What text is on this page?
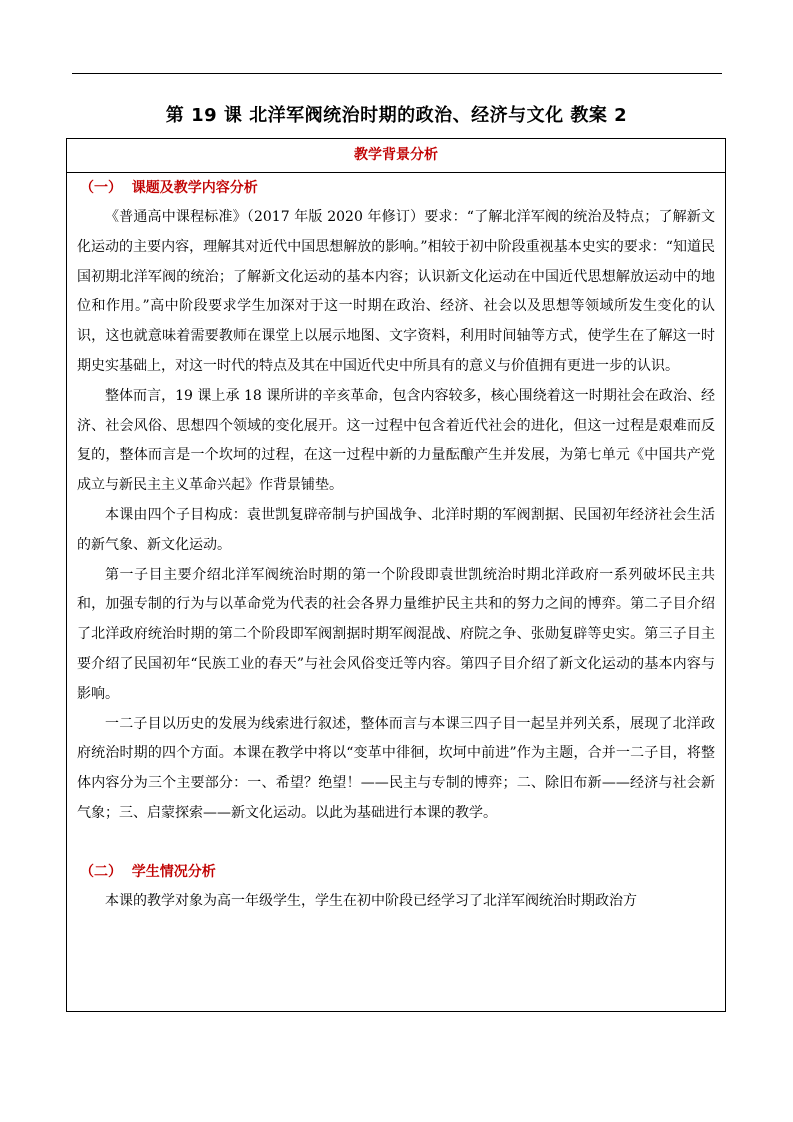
第 19 课 北洋军阀统治时期的政治、经济与文化 教案 2
教学背景分析
（一）  课题及教学内容分析

《普通高中课程标准》（2017 年版 2020 年修订）要求：“了解北洋军阀的统治及特点；了解新文化运动的主要内容，理解其对近代中国思想解放的影响。”相较于初中阶段重视基本史实的要求：“知道民国初期北洋军阀的统治；了解新文化运动的基本内容；认识新文化运动在中国近代思想解放运动中的地位和作用。”高中阶段要求学生加深对于这一时期在政治、经济、社会以及思想等领域所发生变化的认识，这也就意味着需要教师在课堂上以展示地图、文字资料，利用时间轴等方式，使学生在了解这一时期史实基础上，对这一时代的特点及其在中国近代史中所具有的意义与价值拥有更进一步的认识。

整体而言，19 课上承 18 课所讲的辛亥革命，包含内容较多，核心围绕着这一时期社会在政治、经济、社会风俗、思想四个领域的变化展开。这一过程中包含着近代社会的进化，但这一过程是艰难而反复的，整体而言是一个坎坷的过程，在这一过程中新的力量酝酿产生并发展，为第七单元《中国共产党成立与新民主主义革命兴起》作背景铺垫。

本课由四个子目构成：袁世凯复辟帝制与护国战争、北洋时期的军阀割据、民国初年经济社会生活的新气象、新文化运动。

第一子目主要介绍北洋军阀统治时期的第一个阶段即袁世凯统治时期北洋政府一系列破坏民主共和，加强专制的行为与以革命党为代表的社会各界力量维护民主共和的努力之间的博弈。第二子目介绍了北洋政府统治时期的第二个阶段即军阀割据时期军阀混战、府院之争、张勋复辟等史实。第三子目主要介绍了民国初年“民族工业的春天”与社会风俗变迁等内容。第四子目介绍了新文化运动的基本内容与影响。

一二子目以历史的发展为线索进行叙述，整体而言与本课三四子目一起呈并列关系，展现了北洋政府统治时期的四个方面。本课在教学中将以“变革中徘徊，坎坷中前进”作为主题，合并一二子目，将整体内容分为三个主要部分：一、希望？绝望！——民主与专制的博弈；二、除旧布新——经济与社会新气象；三、启蒙探索——新文化运动。以此为基础进行本课的教学。

（二）  学生情况分析

本课的教学对象为高一年级学生，学生在初中阶段已经学习了北洋军阀统治时期政治方
